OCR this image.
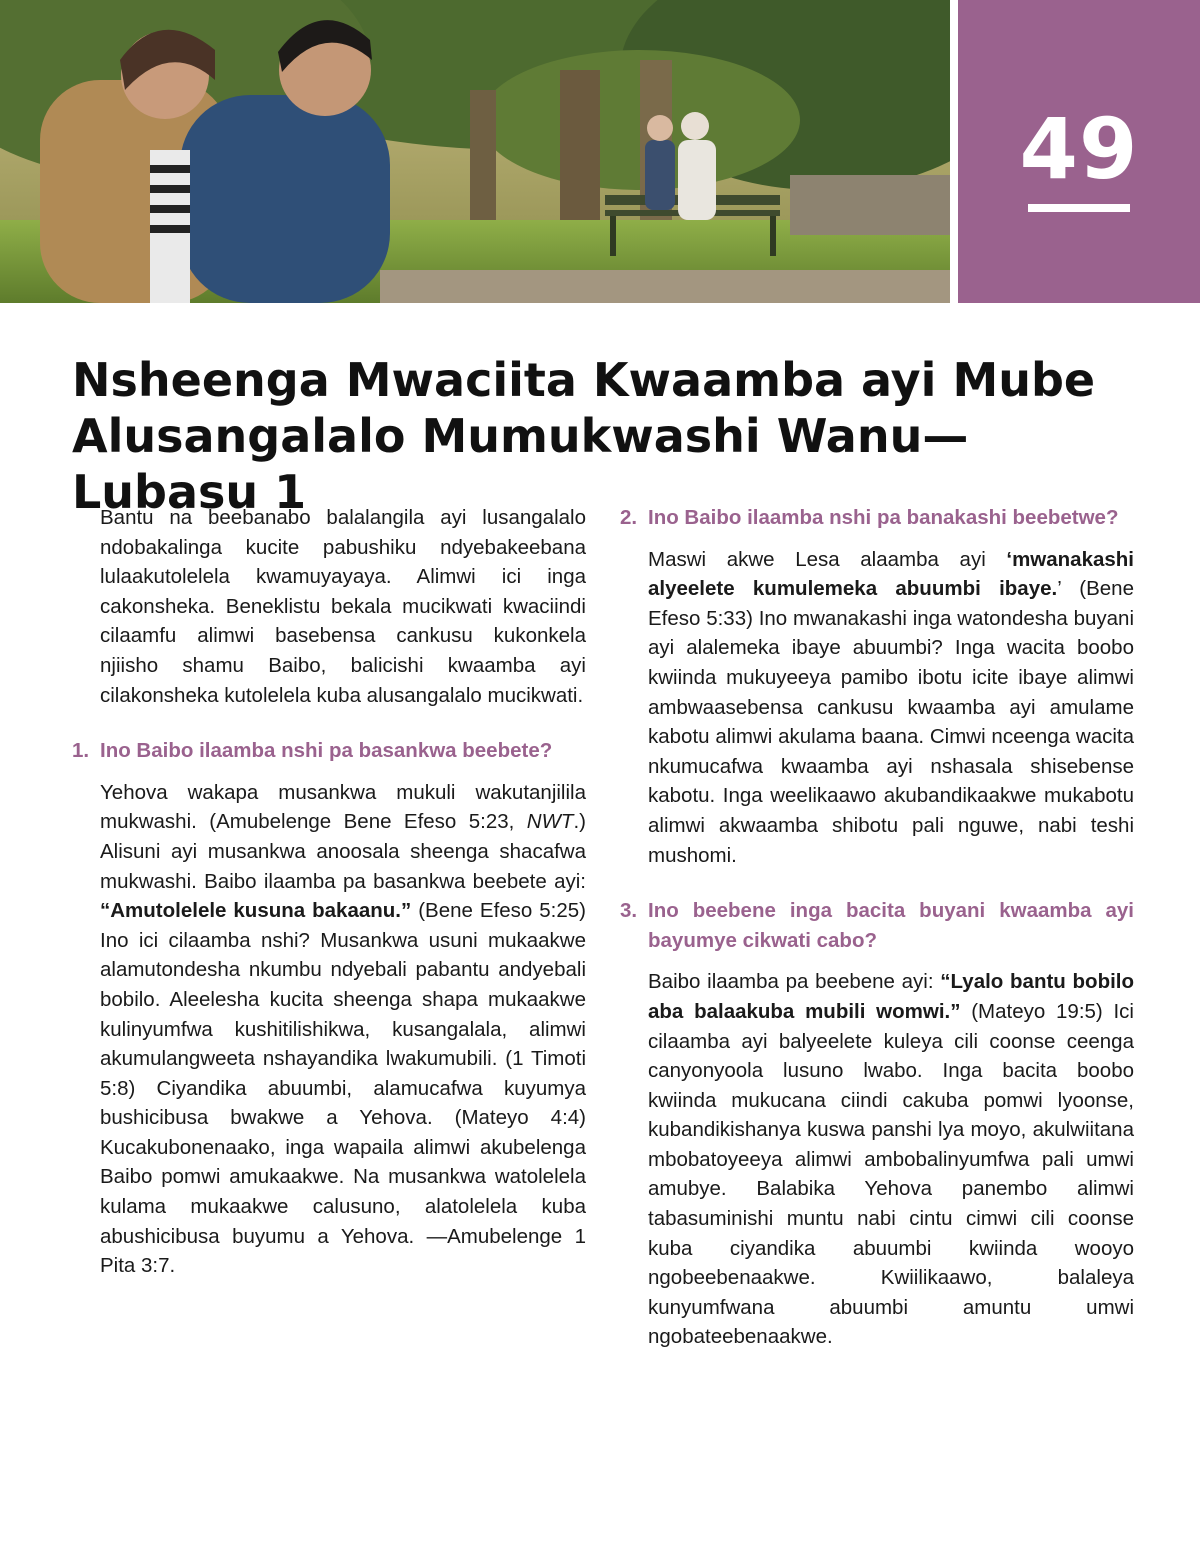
49
Nsheenga Mwaciita Kwaamba ayi Mube
Alusangalalo Mumukwashi Wanu—Lubasu 1

Bantu na beebanabo balalangila ayi lusangalalo ndobakalinga kucite pabushiku ndyebakeebana lulaakutolelela kwamuyayaya. Alimwi ici inga cakonsheka. Beneklistu bekala mucikwati kwaciindi cilaamfu alimwi basebensa cankusu kukonkela njiisho shamu Baibo, balicishi kwaamba ayi cilakonsheka kutolelela kuba alusangalalo mucikwati.

1. Ino Baibo ilaamba nshi pa basankwa beebete?

Yehova wakapa musankwa mukuli wakutanjilila mukwashi. (Amubelenge Bene Efeso 5:23, NWT.) Alisuni ayi musankwa anoosala sheenga shacafwa mukwashi. Baibo ilaamba pa basankwa beebete ayi: “Amutolelele kusuna bakaanu.” (Bene Efeso 5:25) Ino ici cilaamba nshi? Musankwa usuni mukaakwe alamutondesha nkumbu ndyebali pabantu andyebali bobilo. Aleelesha kucita sheenga shapa mukaakwe kulinyumfwa kushitilishikwa, kusangalala, alimwi akumulangweeta nshayandika lwakumubili. (1 Timoti 5:8) Ciyandika abuumbi, alamucafwa kuyumya bushicibusa bwakwe a Yehova. (Mateyo 4:4) Kucakubonenaako, inga wapaila alimwi akubelenga Baibo pomwi amukaakwe. Na musankwa watolelela kulama mukaakwe calusuno, alatolelela kuba abushicibusa buyumu a Yehova. —Amubelenge 1 Pita 3:7.

2. Ino Baibo ilaamba nshi pa banakashi beebetwe?

Maswi akwe Lesa alaamba ayi ‘mwanakashi alyeelete kumulemeka abuumbi ibaye.’ (Bene Efeso 5:33) Ino mwanakashi inga watondesha buyani ayi alalemeka ibaye abuumbi? Inga wacita boobo kwiinda mukuyeeya pamibo ibotu icite ibaye alimwi ambwaasebensa cankusu kwaamba ayi amulame kabotu alimwi akulama baana. Cimwi nceenga wacita nkumucafwa kwaamba ayi nshasala shisebense kabotu. Inga weelikaawo akubandikaakwe mukabotu alimwi akwaamba shibotu pali nguwe, nabi teshi mushomi.

3. Ino beebene inga bacita buyani kwaamba ayi bayumye cikwati cabo?

Baibo ilaamba pa beebene ayi: “Lyalo bantu bobilo aba balaakuba mubili womwi.” (Mateyo 19:5) Ici cilaamba ayi balyeelete kuleya cili coonse ceenga canyonyoola lusuno lwabo. Inga bacita boobo kwiinda mukucana ciindi cakuba pomwi lyoonse, kubandikishanya kuswa panshi lya moyo, akulwiitana mbobatoyeeya alimwi ambobalinyumfwa pali umwi amubye. Balabika Yehova panembo alimwi tabasuminishi muntu nabi cintu cimwi cili coonse kuba ciyandika abuumbi kwiinda wooyo ngobeebenaakwe. Kwiilikaawo, balaleya kunyumfwana abuumbi amuntu umwi ngobateebenaakwe.
